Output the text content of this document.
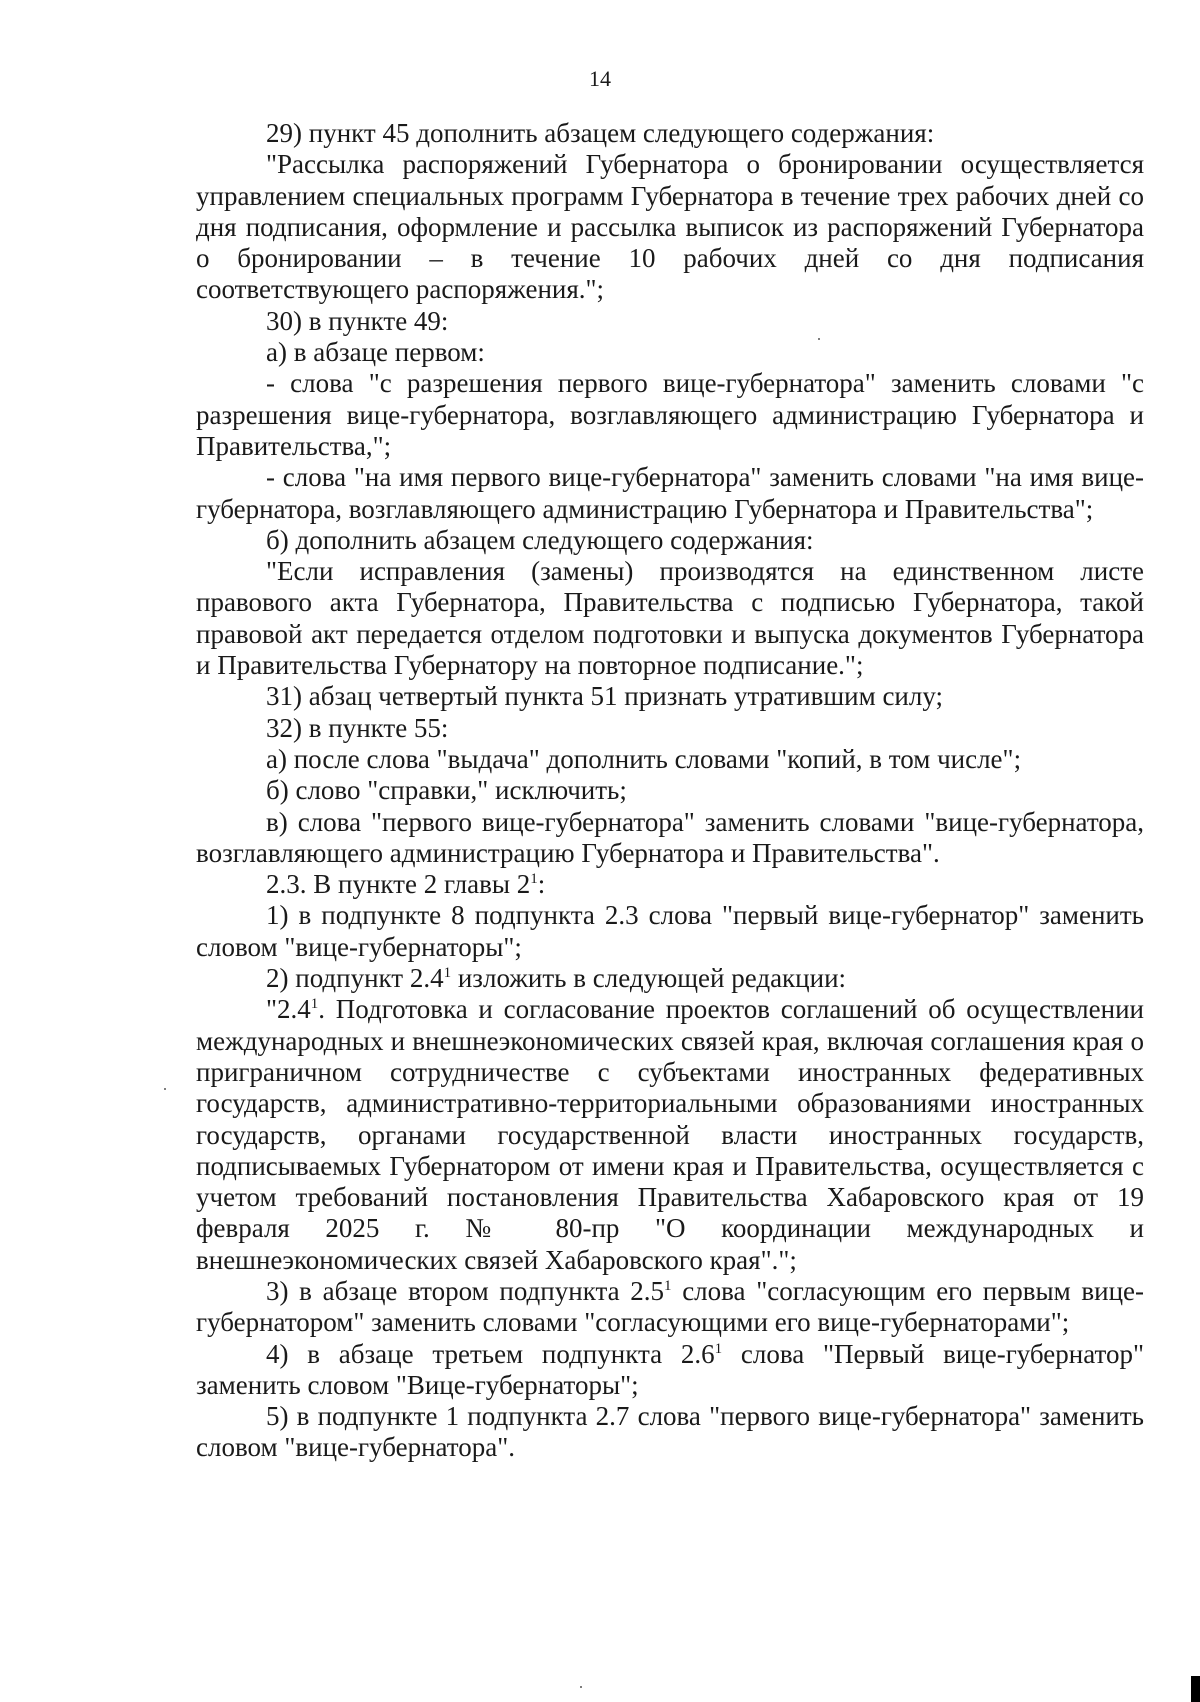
14

29) пункт 45 дополнить абзацем следующего содержания:

"Рассылка распоряжений Губернатора о бронировании осуществляется управлением специальных программ Губернатора в течение трех рабочих дней со дня подписания, оформление и рассылка выписок из распоряжений Губернатора о бронировании – в течение 10 рабочих дней со дня подписания соответствующего распоряжения.";

30) в пункте 49:

а) в абзаце первом:

- слова "с разрешения первого вице-губернатора" заменить словами "с разрешения вице-губернатора, возглавляющего администрацию Губернатора и Правительства,";

- слова "на имя первого вице-губернатора" заменить словами "на имя вице-губернатора, возглавляющего администрацию Губернатора и Правительства";

б) дополнить абзацем следующего содержания:

"Если исправления (замены) производятся на единственном листе правового акта Губернатора, Правительства с подписью Губернатора, такой правовой акт передается отделом подготовки и выпуска документов Губернатора и Правительства Губернатору на повторное подписание.";

31) абзац четвертый пункта 51 признать утратившим силу;

32) в пункте 55:

а) после слова "выдача" дополнить словами "копий, в том числе";

б) слово "справки," исключить;

в) слова "первого вице-губернатора" заменить словами "вице-губернатора, возглавляющего администрацию Губернатора и Правительства".

2.3. В пункте 2 главы $2^1$:

1) в подпункте 8 подпункта 2.3 слова "первый вице-губернатор" заменить словом "вице-губернаторы";

2) подпункт $2.4^1$ изложить в следующей редакции:

"$2.4^1$. Подготовка и согласование проектов соглашений об осуществлении международных и внешнеэкономических связей края, включая соглашения края о приграничном сотрудничестве с субъектами иностранных федеративных государств, административно-территориальными образованиями иностранных государств, органами государственной власти иностранных государств, подписываемых Губернатором от имени края и Правительства, осуществляется с учетом требований постановления Правительства Хабаровского края от 19 февраля 2025 г. № 80-пр "О координации международных и внешнеэкономических связей Хабаровского края".";

3) в абзаце втором подпункта $2.5^1$ слова "согласующим его первым вице-губернатором" заменить словами "согласующими его вице-губернаторами";

4) в абзаце третьем подпункта $2.6^1$ слова "Первый вице-губернатор" заменить словом "Вице-губернаторы";

5) в подпункте 1 подпункта 2.7 слова "первого вице-губернатора" заменить словом "вице-губернатора".
